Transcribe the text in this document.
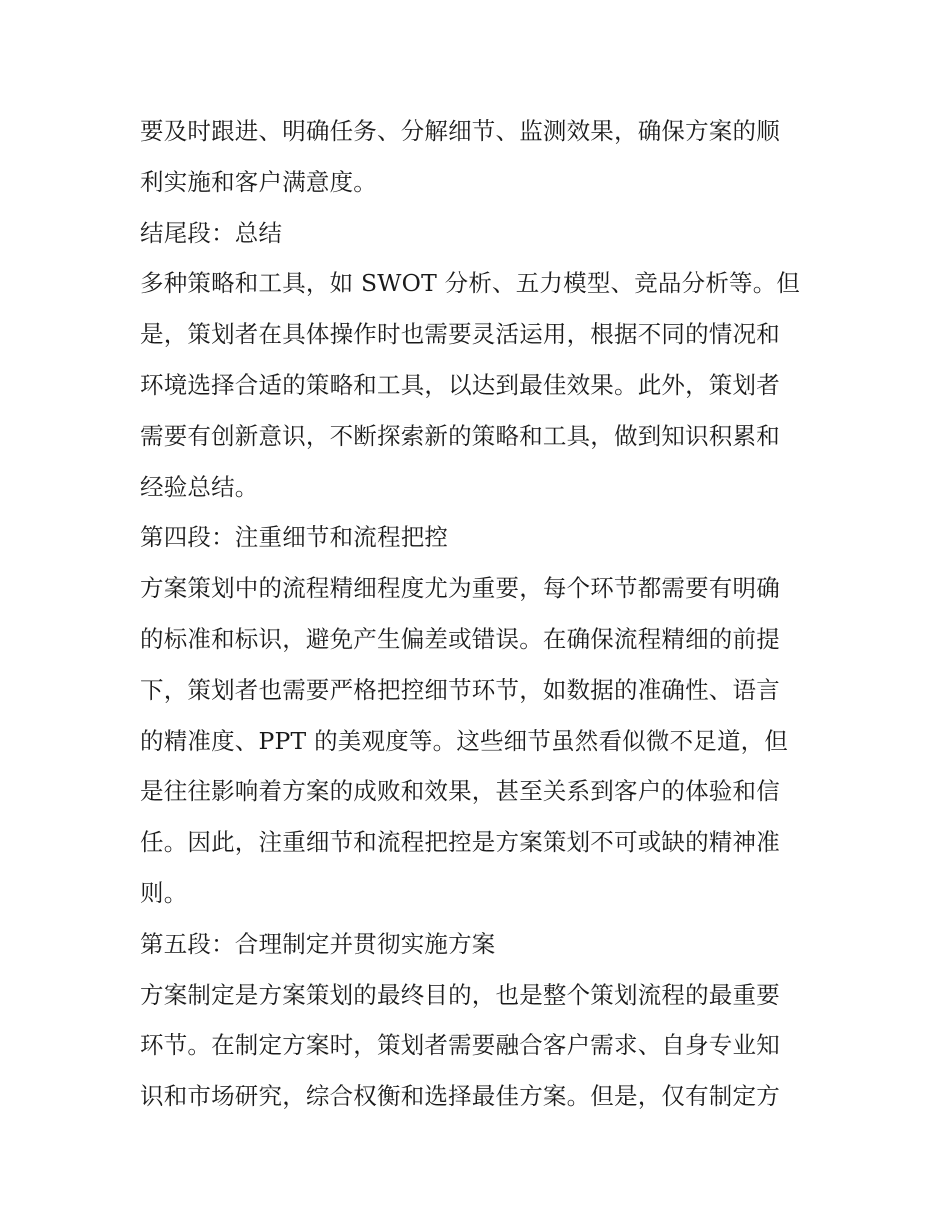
要及时跟进、明确任务、分解细节、监测效果，确保方案的顺
利实施和客户满意度。

结尾段：总结

多种策略和工具，如 SWOT 分析、五力模型、竞品分析等。但
是，策划者在具体操作时也需要灵活运用，根据不同的情况和
环境选择合适的策略和工具，以达到最佳效果。此外，策划者
需要有创新意识，不断探索新的策略和工具，做到知识积累和
经验总结。

第四段：注重细节和流程把控

方案策划中的流程精细程度尤为重要，每个环节都需要有明确
的标准和标识，避免产生偏差或错误。在确保流程精细的前提
下，策划者也需要严格把控细节环节，如数据的准确性、语言
的精准度、PPT 的美观度等。这些细节虽然看似微不足道，但
是往往影响着方案的成败和效果，甚至关系到客户的体验和信
任。因此，注重细节和流程把控是方案策划不可或缺的精神准
则。

第五段：合理制定并贯彻实施方案

方案制定是方案策划的最终目的，也是整个策划流程的最重要
环节。在制定方案时，策划者需要融合客户需求、自身专业知
识和市场研究，综合权衡和选择最佳方案。但是，仅有制定方
